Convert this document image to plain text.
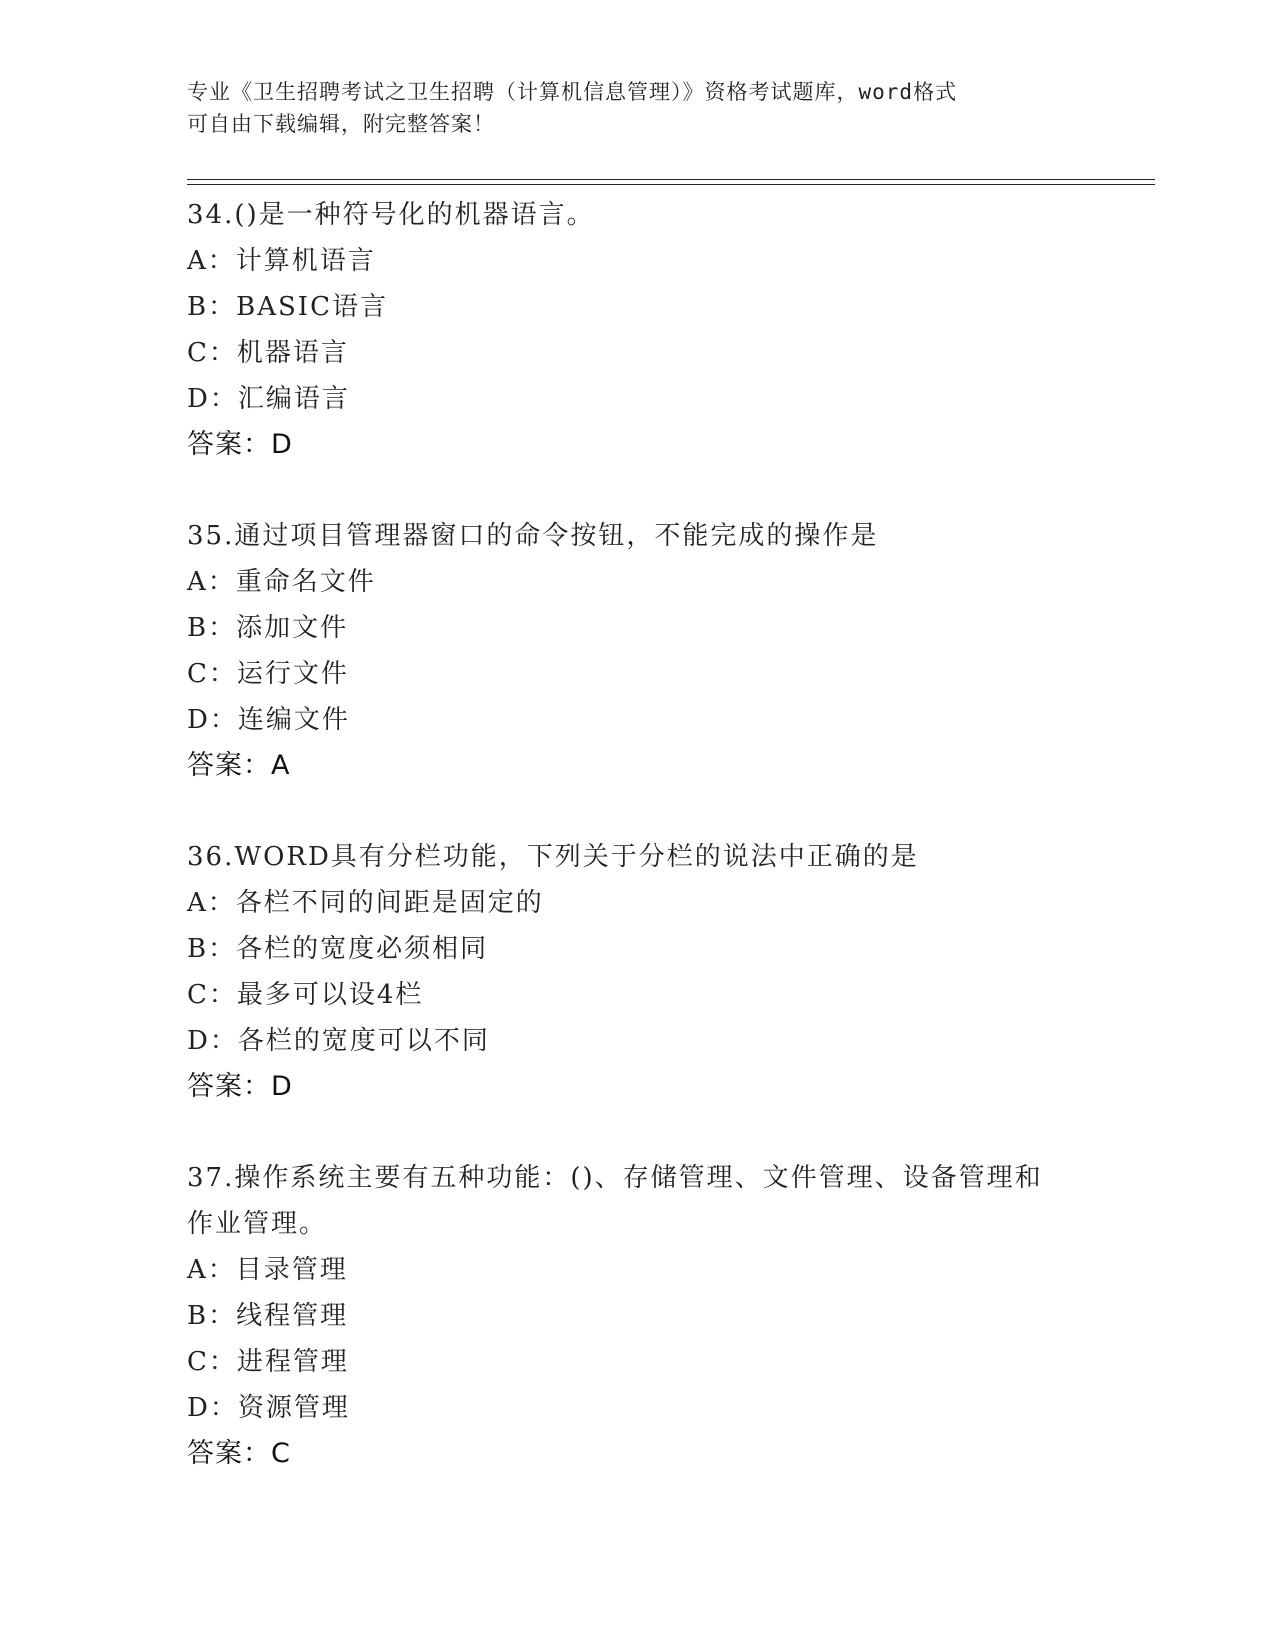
专业《卫生招聘考试之卫生招聘（计算机信息管理）》资格考试题库，word格式
可自由下载编辑，附完整答案！
34.()是一种符号化的机器语言。
A：计算机语言
B：BASIC语言
C：机器语言
D：汇编语言
答案：D
35.通过项目管理器窗口的命令按钮，不能完成的操作是
A：重命名文件
B：添加文件
C：运行文件
D：连编文件
答案：A
36.WORD具有分栏功能，下列关于分栏的说法中正确的是
A：各栏不同的间距是固定的
B：各栏的宽度必须相同
C：最多可以设4栏
D：各栏的宽度可以不同
答案：D
37.操作系统主要有五种功能：()、存储管理、文件管理、设备管理和
作业管理。
A：目录管理
B：线程管理
C：进程管理
D：资源管理
答案：C
